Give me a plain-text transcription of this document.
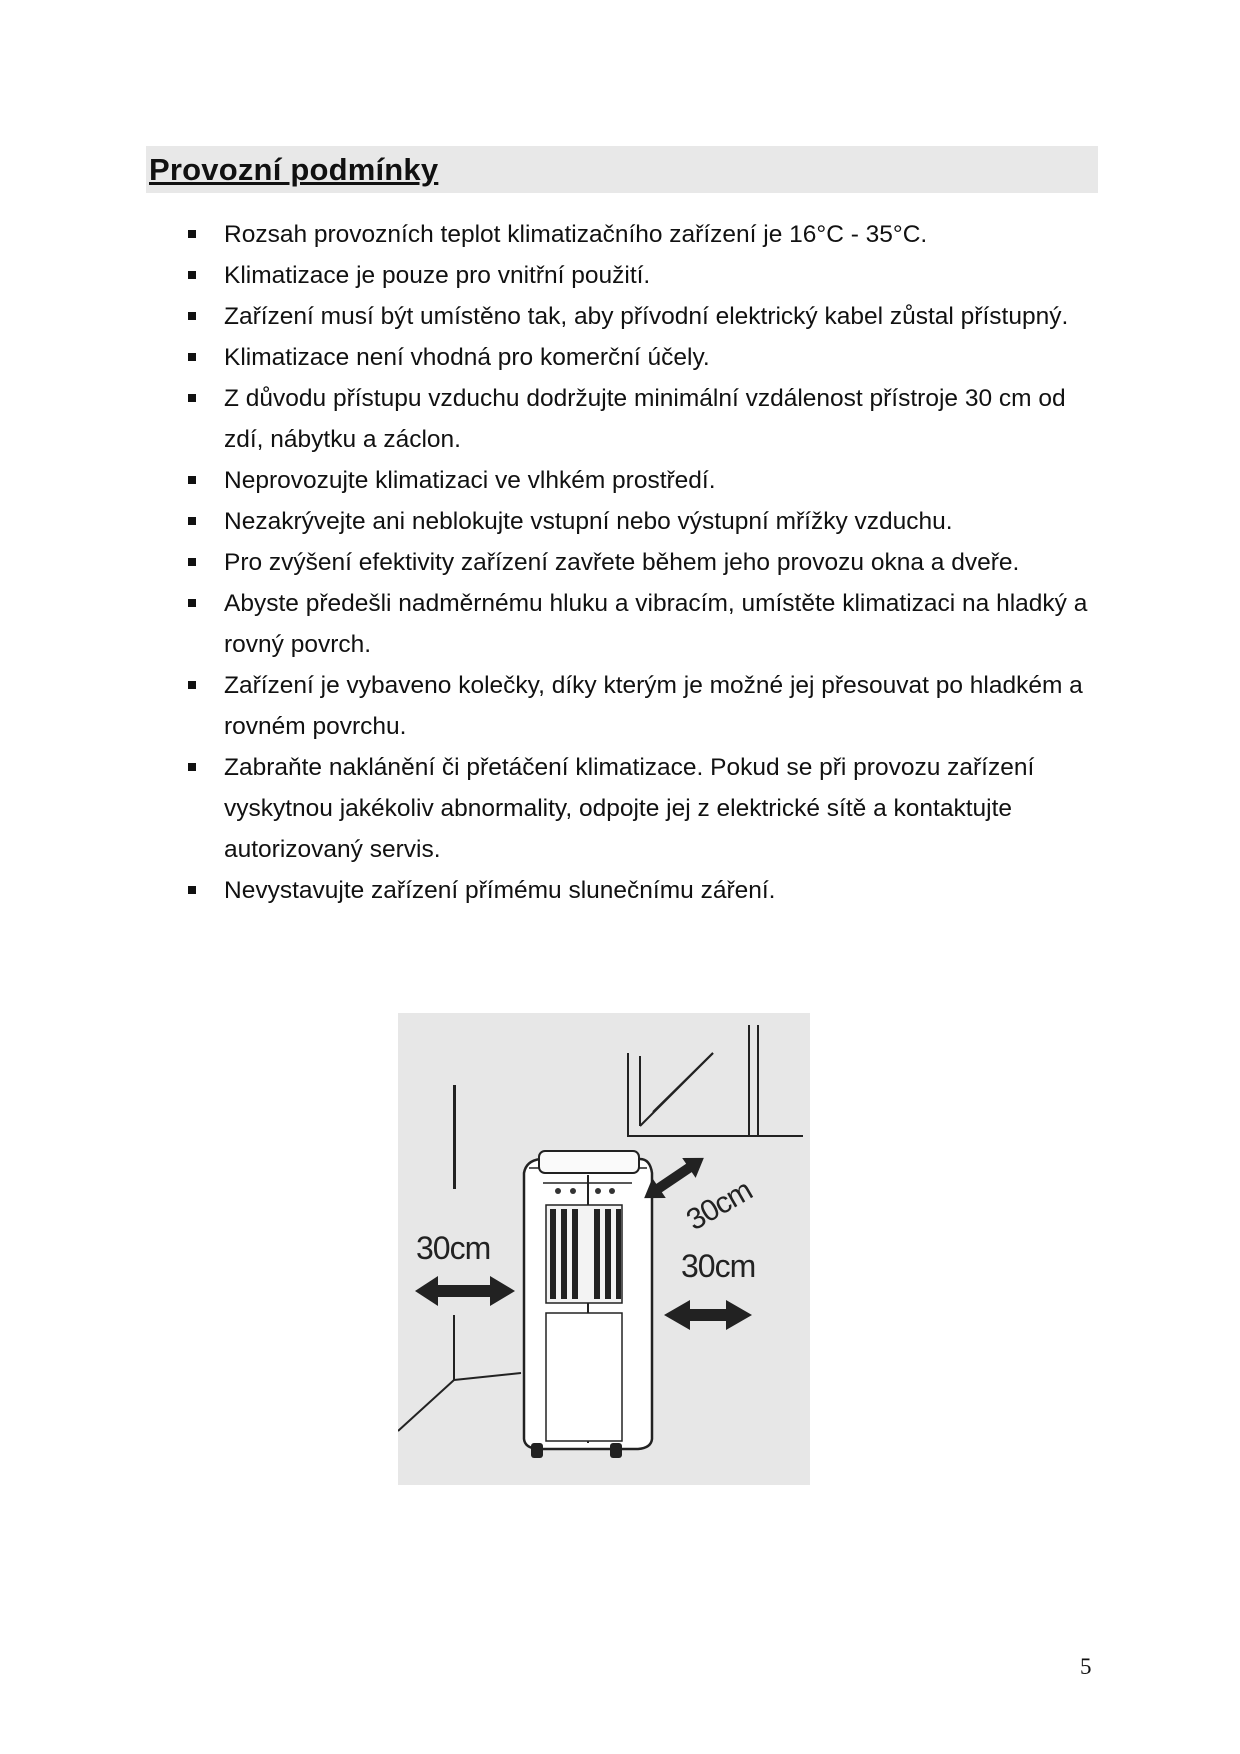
Provozní podmínky
Rozsah provozních teplot klimatizačního zařízení je 16°C - 35°C.
Klimatizace je pouze pro vnitřní použití.
Zařízení musí být umístěno tak, aby přívodní elektrický kabel zůstal přístupný.
Klimatizace není vhodná pro komerční účely.
Z důvodu přístupu vzduchu dodržujte minimální vzdálenost přístroje 30 cm od zdí, nábytku a záclon.
Neprovozujte klimatizaci ve vlhkém prostředí.
Nezakrývejte ani neblokujte vstupní nebo výstupní mřížky vzduchu.
Pro zvýšení efektivity zařízení zavřete během jeho provozu okna a dveře.
Abyste předešli nadměrnému hluku a vibracím, umístěte klimatizaci na hladký a rovný povrch.
Zařízení je vybaveno kolečky, díky kterým je možné jej přesouvat po hladkém a rovném povrchu.
Zabraňte naklánění či přetáčení klimatizace. Pokud se při provozu zařízení vyskytnou jakékoliv abnormality, odpojte jej z elektrické sítě a kontaktujte autorizovaný servis.
Nevystavujte zařízení přímému slunečnímu záření.
30cm	30cm
30cm
5
